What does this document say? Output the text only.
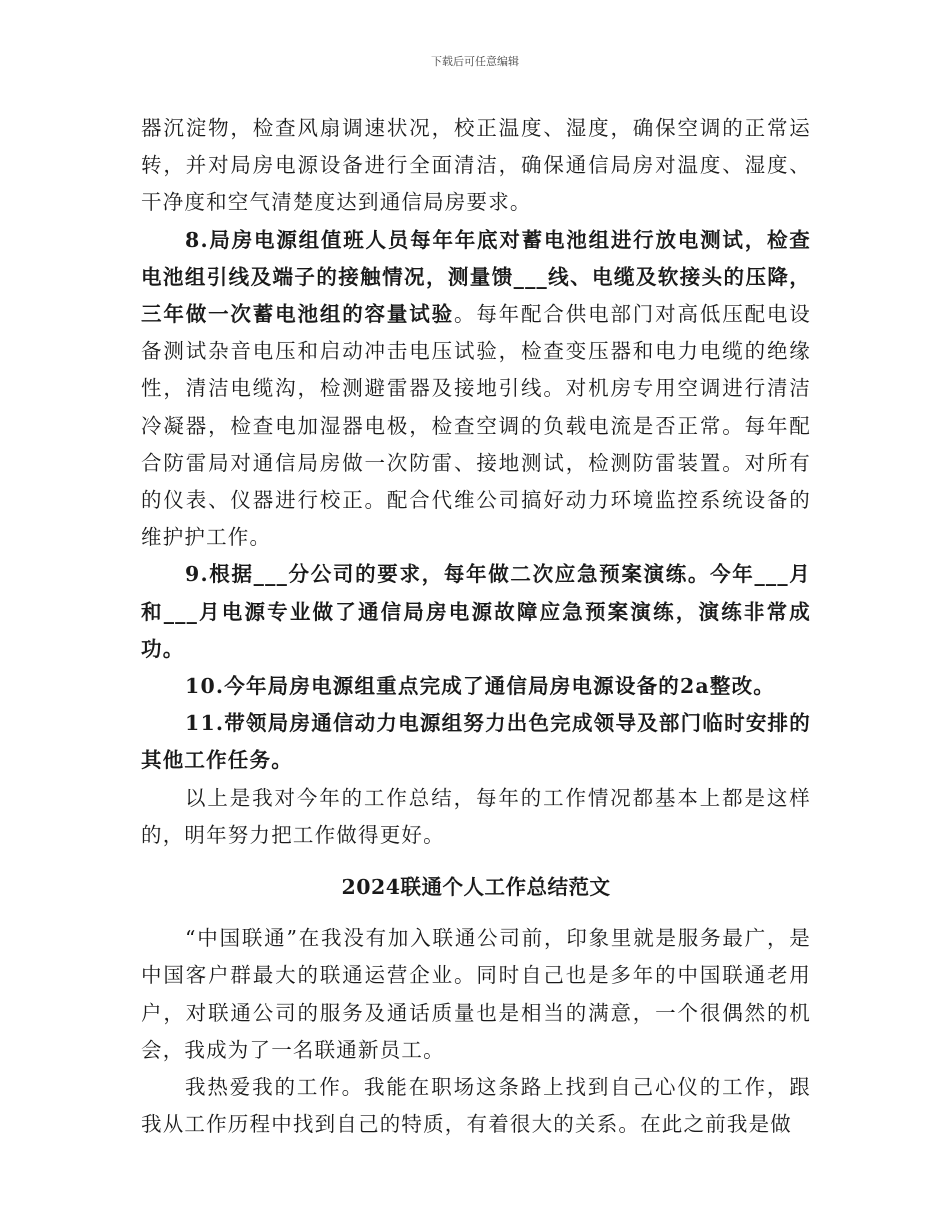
下载后可任意编辑

器沉淀物，检查风扇调速状况，校正温度、湿度，确保空调的正常运转，并对局房电源设备进行全面清洁，确保通信局房对温度、湿度、干净度和空气清楚度达到通信局房要求。

8.局房电源组值班人员每年年底对蓄电池组进行放电测试，检查电池组引线及端子的接触情况，测量馈___线、电缆及软接头的压降，三年做一次蓄电池组的容量试验。每年配合供电部门对高低压配电设备测试杂音电压和启动冲击电压试验，检查变压器和电力电缆的绝缘性，清洁电缆沟，检测避雷器及接地引线。对机房专用空调进行清洁冷凝器，检查电加湿器电极，检查空调的负载电流是否正常。每年配合防雷局对通信局房做一次防雷、接地测试，检测防雷装置。对所有的仪表、仪器进行校正。配合代维公司搞好动力环境监控系统设备的维护护工作。

9.根据___分公司的要求，每年做二次应急预案演练。今年___月和___月电源专业做了通信局房电源故障应急预案演练，演练非常成功。

10.今年局房电源组重点完成了通信局房电源设备的2a整改。

11.带领局房通信动力电源组努力出色完成领导及部门临时安排的其他工作任务。

以上是我对今年的工作总结，每年的工作情况都基本上都是这样的，明年努力把工作做得更好。

2024联通个人工作总结范文

“中国联通”在我没有加入联通公司前，印象里就是服务最广，是中国客户群最大的联通运营企业。同时自己也是多年的中国联通老用户，对联通公司的服务及通话质量也是相当的满意，一个很偶然的机会，我成为了一名联通新员工。

我热爱我的工作。我能在职场这条路上找到自己心仪的工作，跟我从工作历程中找到自己的特质，有着很大的关系。在此之前我是做
